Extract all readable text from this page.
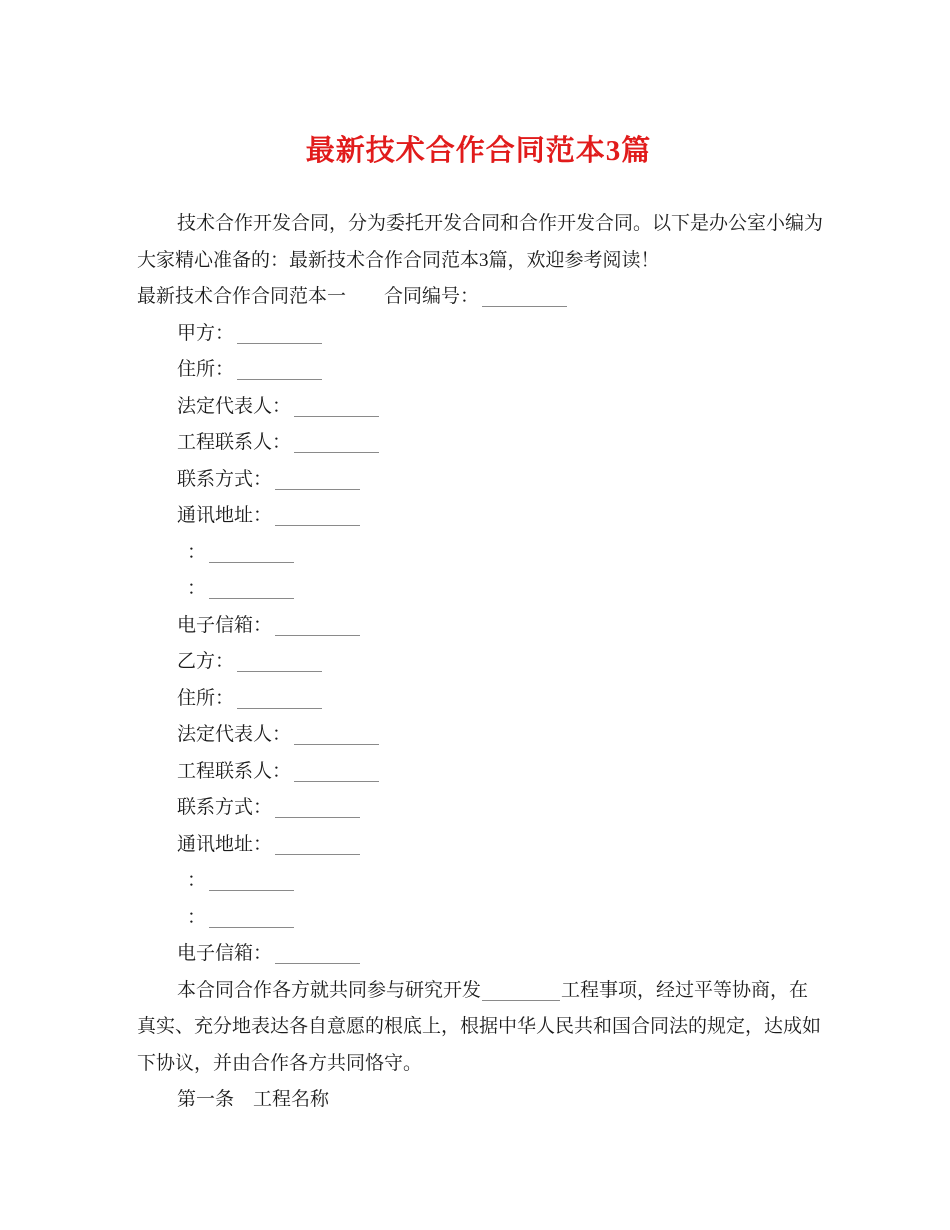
最新技术合作合同范本3篇

技术合作开发合同，分为委托开发合同和合作开发合同。以下是办公室小编为

大家精心准备的：最新技术合作合同范本3篇，欢迎参考阅读！

最新技术合作合同范本一 合同编号：

甲方：

住所：

法定代表人：

工程联系人：

联系方式：

通讯地址：

：

：

电子信箱：

乙方：

住所：

法定代表人：

工程联系人：

联系方式：

通讯地址：

：

：

电子信箱：

本合同合作各方就共同参与研究开发	工程事项，经过平等协商，在

真实、充分地表达各自意愿的根底上，根据中华人民共和国合同法的规定，达成如

下协议，并由合作各方共同恪守。

第一条　工程名称
